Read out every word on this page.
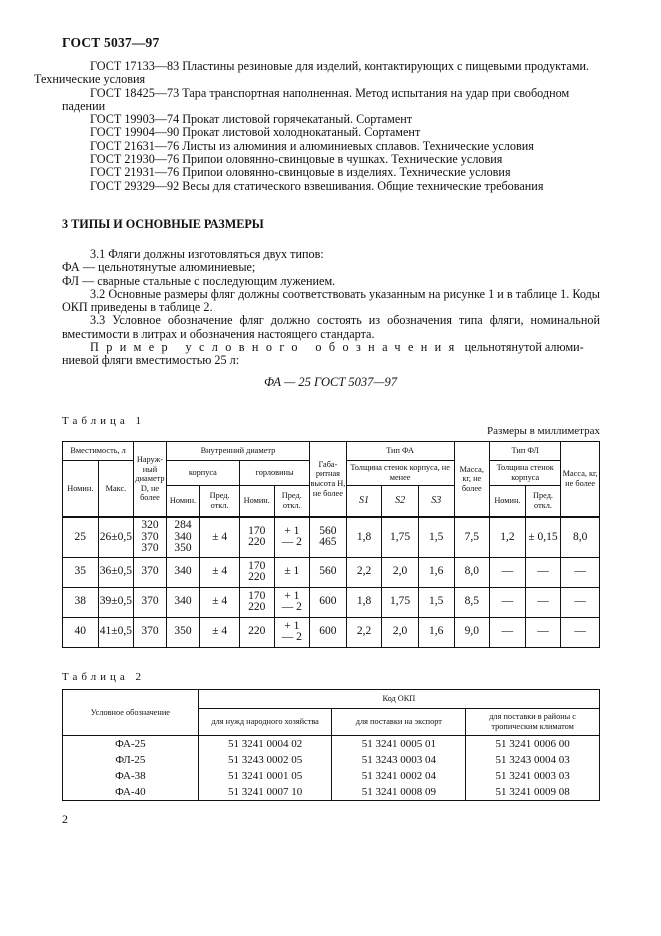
ГОСТ 5037—97

ГОСТ 17133—83 Пластины резиновые для изделий, контактирующих с пищевыми продуктами.
Технические условия

ГОСТ 18425—73 Тара транспортная наполненная. Метод испытания на удар при свободном
падении

ГОСТ 19903—74 Прокат листовой горячекатаный. Сортамент

ГОСТ 19904—90 Прокат листовой холоднокатаный. Сортамент

ГОСТ 21631—76 Листы из алюминия и алюминиевых сплавов. Технические условия

ГОСТ 21930—76 Припои оловянно-свинцовые в чушках. Технические условия

ГОСТ 21931—76 Припои оловянно-свинцовые в изделиях. Технические условия

ГОСТ 29329—92 Весы для статического взвешивания. Общие технические требования

3 ТИПЫ И ОСНОВНЫЕ РАЗМЕРЫ

3.1 Фляги должны изготовляться двух типов:

ФА — цельнотянутые алюминиевые;

ФЛ — сварные стальные с последующим лужением.

3.2 Основные размеры фляг должны соответствовать указанным на рисунке 1 и в таблице 1. Коды ОКП приведены в таблице 2.

3.3 Условное обозначение фляг должно состоять из обозначения типа фляги, номинальной вместимости в литрах и обозначения настоящего стандарта.

Пример условного обозначения цельнотянутой алюми-

ниевой фляги вместимостью 25 л:

ФА — 25 ГОСТ 5037—97
Таблица 1
Размеры в миллиметрах
Вместимость, л		Наруж-ный диаметр D, не более	Внутренний диаметр				Габа-ритная высота H, не более	Тип ФА			Масса, кг, не более	Тип ФЛ		Масса, кг, не более
Номин.	Макс.		корпуса		горловины			Толщина стенок корпуса, не менее				Толщина стенок корпуса		
			Номин.	Пред. откл.	Номин.	Пред. откл.		S1	S2	S3		Номин.	Пред. откл.	
25	26±0,5	320
370
370	284
340
350	± 4	170
220	+ 1
— 2	560
465	1,8	1,75	1,5	7,5	1,2	± 0,15	8,0
35	36±0,5	370	340	± 4	170
220	± 1	560	2,2	2,0	1,6	8,0	—	—	—
38	39±0,5	370	340	± 4	170
220	+ 1
— 2	600	1,8	1,75	1,5	8,5	—	—	—
40	41±0,5	370	350	± 4	220	+ 1
— 2	600	2,2	2,0	1,6	9,0	—	—	—
Таблица 2
Условное обозначение	Код ОКП		
	для нужд народного хозяйства	для поставки на экспорт	для поставки в районы с тропическим климатом
ФА-25	51 3241 0004 02	51 3241 0005 01	51 3241 0006 00
ФЛ-25	51 3243 0002 05	51 3243 0003 04	51 3243 0004 03
ФА-38	51 3241 0001 05	51 3241 0002 04	51 3241 0003 03
ФА-40	51 3241 0007 10	51 3241 0008 09	51 3241 0009 08
2
